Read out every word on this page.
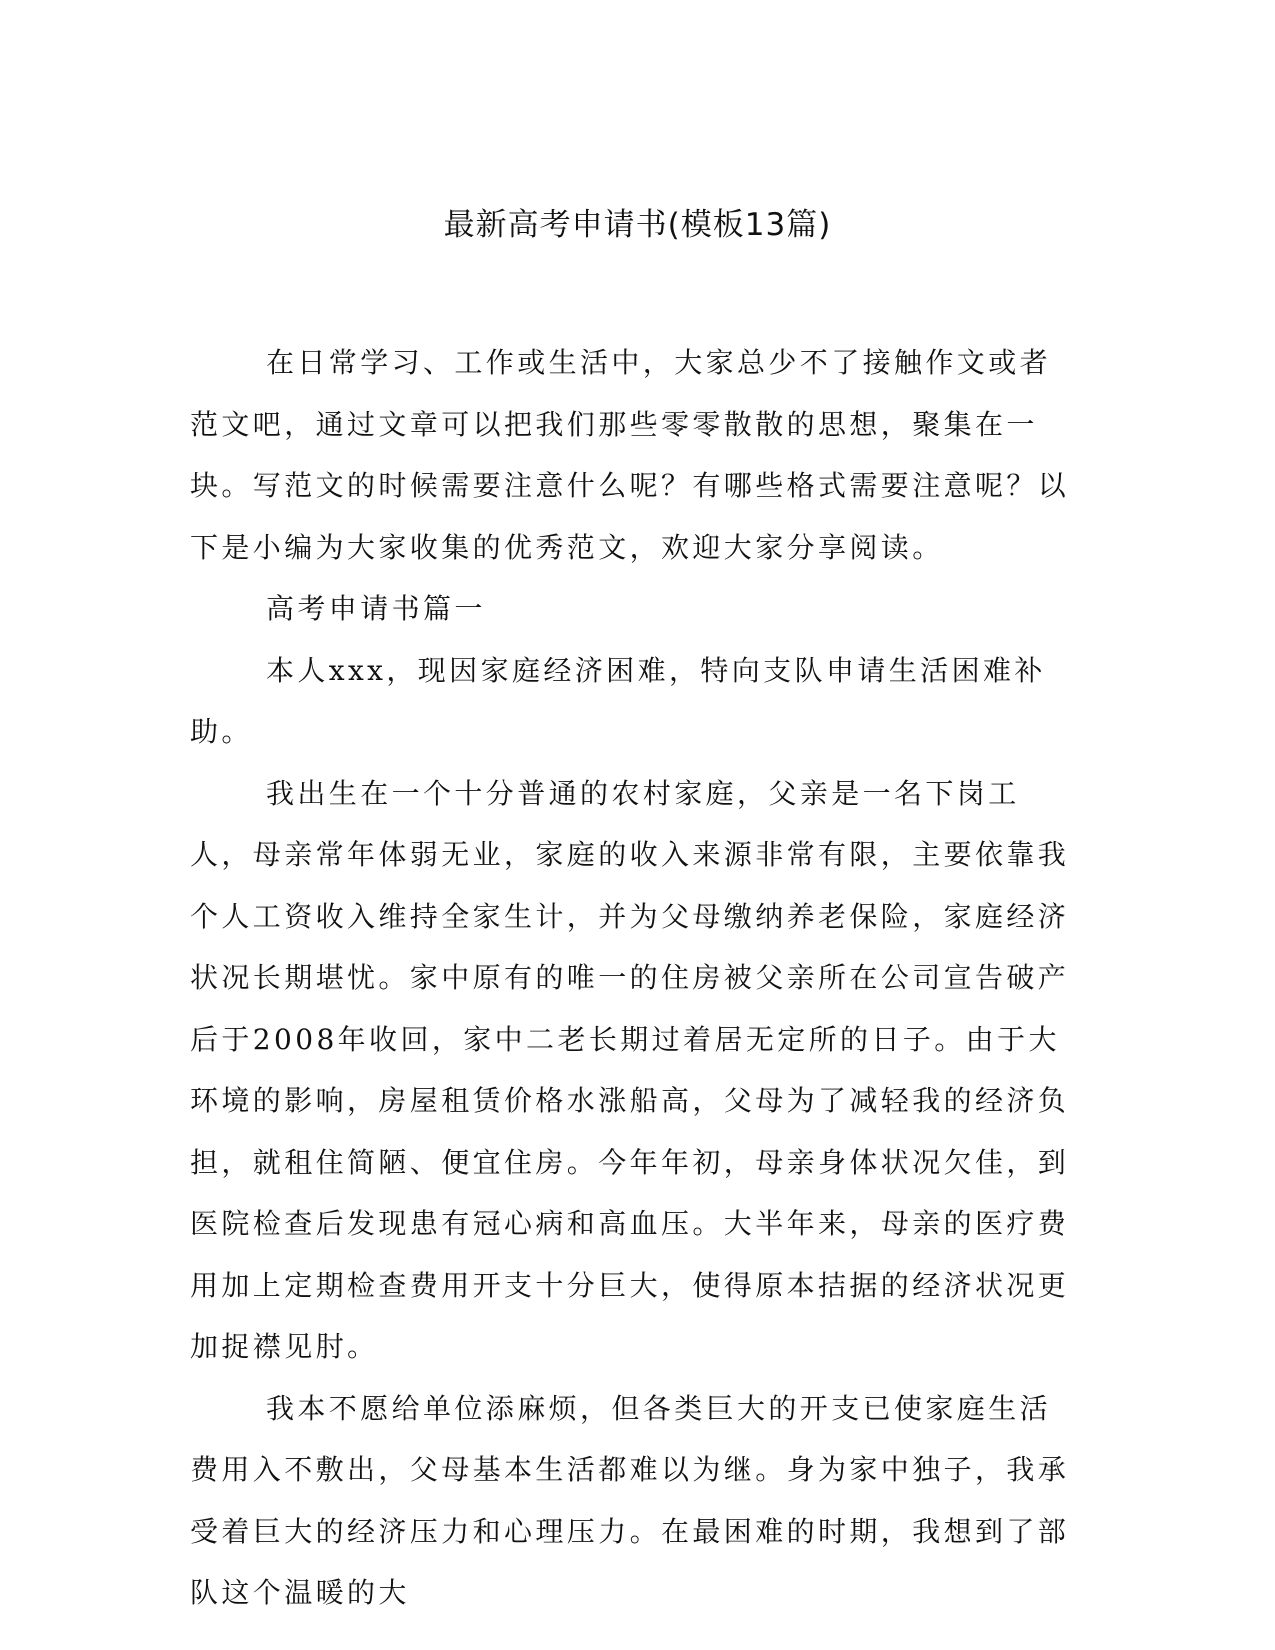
最新高考申请书(模板13篇)

在日常学习、工作或生活中，大家总少不了接触作文或者范文吧，通过文章可以把我们那些零零散散的思想，聚集在一块。写范文的时候需要注意什么呢？有哪些格式需要注意呢？以下是小编为大家收集的优秀范文，欢迎大家分享阅读。

高考申请书篇一

本人xxx，现因家庭经济困难，特向支队申请生活困难补助。

我出生在一个十分普通的农村家庭，父亲是一名下岗工人，母亲常年体弱无业，家庭的收入来源非常有限，主要依靠我个人工资收入维持全家生计，并为父母缴纳养老保险，家庭经济状况长期堪忧。家中原有的唯一的住房被父亲所在公司宣告破产后于2008年收回，家中二老长期过着居无定所的日子。由于大环境的影响，房屋租赁价格水涨船高，父母为了减轻我的经济负担，就租住简陋、便宜住房。今年年初，母亲身体状况欠佳，到医院检查后发现患有冠心病和高血压。大半年来，母亲的医疗费用加上定期检查费用开支十分巨大，使得原本拮据的经济状况更加捉襟见肘。

我本不愿给单位添麻烦，但各类巨大的开支已使家庭生活费用入不敷出，父母基本生活都难以为继。身为家中独子，我承受着巨大的经济压力和心理压力。在最困难的时期，我想到了部队这个温暖的大
